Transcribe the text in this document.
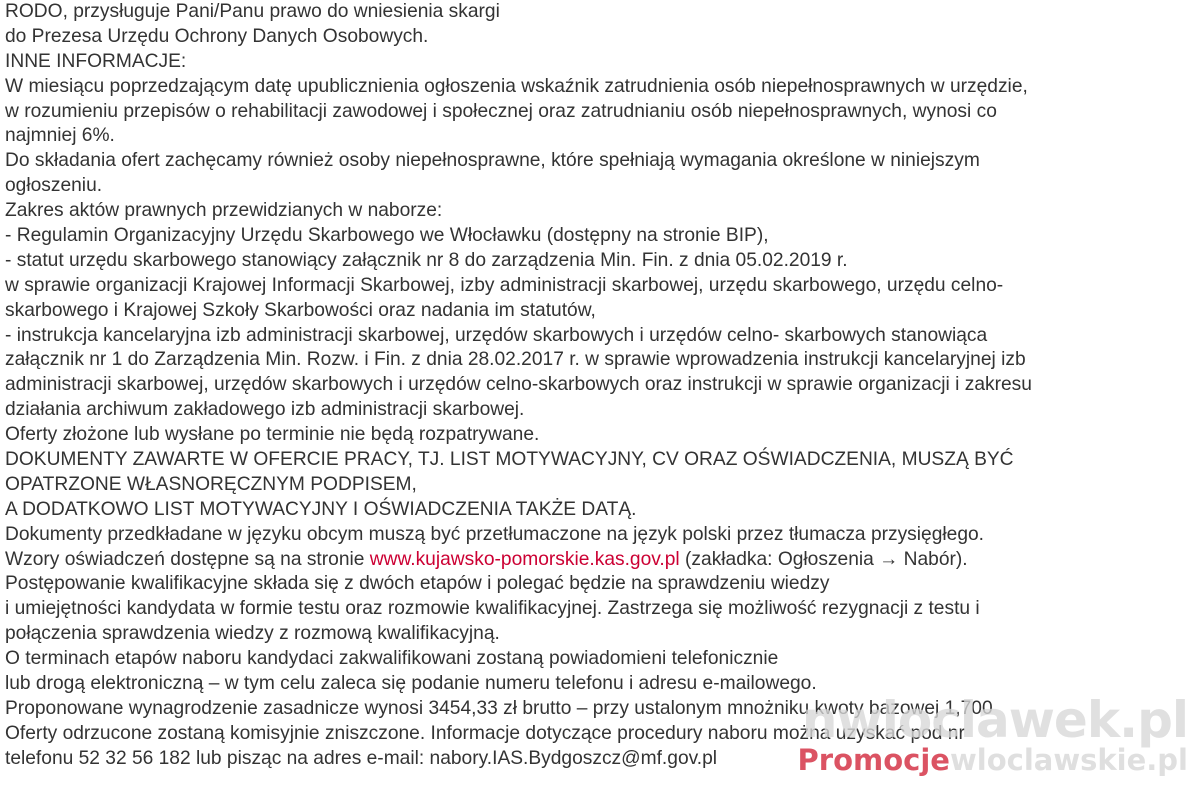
RODO, przysługuje Pani/Panu prawo do wniesienia skargi
do Prezesa Urzędu Ochrony Danych Osobowych.
INNE INFORMACJE:
W miesiącu poprzedzającym datę upublicznienia ogłoszenia wskaźnik zatrudnienia osób niepełnosprawnych w urzędzie,
w rozumieniu przepisów o rehabilitacji zawodowej i społecznej oraz zatrudnianiu osób niepełnosprawnych, wynosi co
najmniej 6%.
Do składania ofert zachęcamy również osoby niepełnosprawne, które spełniają wymagania określone w niniejszym
ogłoszeniu.
Zakres aktów prawnych przewidzianych w naborze:
- Regulamin Organizacyjny Urzędu Skarbowego we Włocławku (dostępny na stronie BIP),
- statut urzędu skarbowego stanowiący załącznik nr 8 do zarządzenia Min. Fin. z dnia 05.02.2019 r.
w sprawie organizacji Krajowej Informacji Skarbowej, izby administracji skarbowej, urzędu skarbowego, urzędu celno-
skarbowego i Krajowej Szkoły Skarbowości oraz nadania im statutów,
- instrukcja kancelaryjna izb administracji skarbowej, urzędów skarbowych i urzędów celno- skarbowych stanowiąca
załącznik nr 1 do Zarządzenia Min. Rozw. i Fin. z dnia 28.02.2017 r. w sprawie wprowadzenia instrukcji kancelaryjnej izb
administracji skarbowej, urzędów skarbowych i urzędów celno-skarbowych oraz instrukcji w sprawie organizacji i zakresu
działania archiwum zakładowego izb administracji skarbowej.
Oferty złożone lub wysłane po terminie nie będą rozpatrywane.
DOKUMENTY ZAWARTE W OFERCIE PRACY, TJ. LIST MOTYWACYJNY, CV ORAZ OŚWIADCZENIA, MUSZĄ BYĆ
OPATRZONE WŁASNORĘCZNYM PODPISEM,
A DODATKOWO LIST MOTYWACYJNY I OŚWIADCZENIA TAKŻE DATĄ.
Dokumenty przedkładane w języku obcym muszą być przetłumaczone na język polski przez tłumacza przysięgłego.
Wzory oświadczeń dostępne są na stronie www.kujawsko-pomorskie.kas.gov.pl (zakładka: Ogłoszenia → Nabór).
Postępowanie kwalifikacyjne składa się z dwóch etapów i polegać będzie na sprawdzeniu wiedzy
i umiejętności kandydata w formie testu oraz rozmowie kwalifikacyjnej. Zastrzega się możliwość rezygnacji z testu i
połączenia sprawdzenia wiedzy z rozmową kwalifikacyjną.
O terminach etapów naboru kandydaci zakwalifikowani zostaną powiadomieni telefonicznie
lub drogą elektroniczną – w tym celu zaleca się podanie numeru telefonu i adresu e-mailowego.
Proponowane wynagrodzenie zasadnicze wynosi 3454,33 zł brutto – przy ustalonym mnożniku kwoty bazowej 1,700
Oferty odrzucone zostaną komisyjnie zniszczone. Informacje dotyczące procedury naboru można uzyskać pod nr
telefonu 52 32 56 182 lub pisząc na adres e-mail: nabory.IAS.Bydgoszcz@mf.gov.pl
nwloclawek.pl
Promocjewloclawskie.pl
